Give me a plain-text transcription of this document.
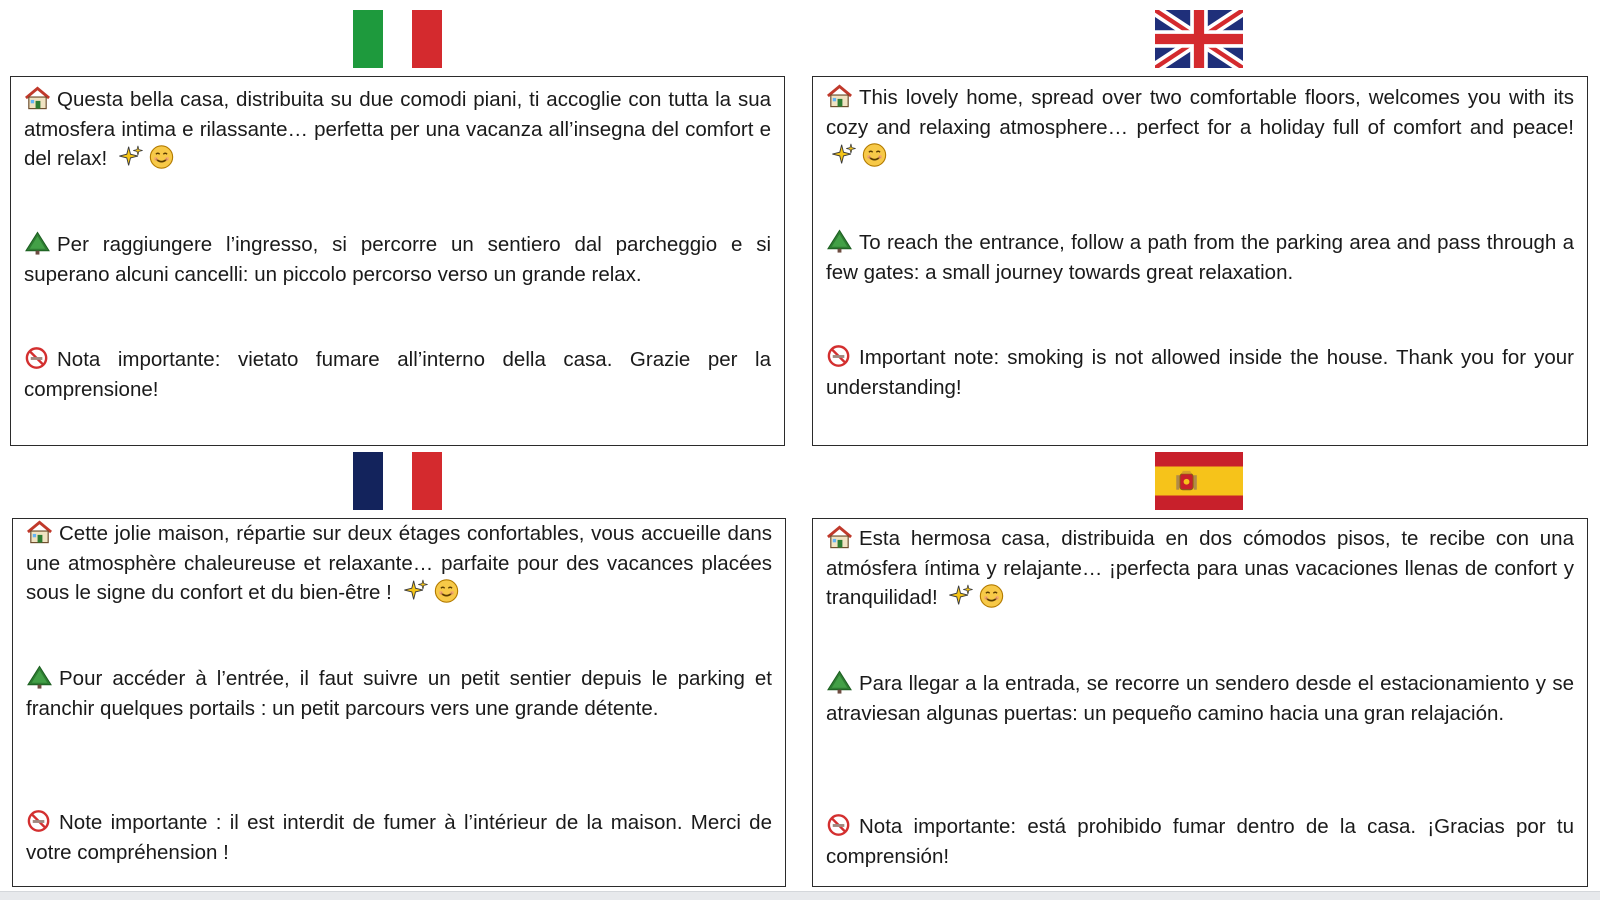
Questa bella casa, distribuita su due comodi piani, ti accoglie con tutta la sua atmosfera intima e rilassante… perfetta per una vacanza all’insegna del comfort e del relax!

Per raggiungere l’ingresso, si percorre un sentiero dal parcheggio e si superano alcuni cancelli: un piccolo percorso verso un grande relax.

Nota importante: vietato fumare all’interno della casa. Grazie per la comprensione!

This lovely home, spread over two comfortable floors, welcomes you with its cozy and relaxing atmosphere… perfect for a holiday full of comfort and peace!

To reach the entrance, follow a path from the parking area and pass through a few gates: a small journey towards great relaxation.

Important note: smoking is not allowed inside the house. Thank you for your understanding!

Cette jolie maison, répartie sur deux étages confortables, vous accueille dans une atmosphère chaleureuse et relaxante… parfaite pour des vacances placées sous le signe du confort et du bien-être !

Pour accéder à l’entrée, il faut suivre un petit sentier depuis le parking et franchir quelques portails : un petit parcours vers une grande détente.

Note importante : il est interdit de fumer à l’intérieur de la maison. Merci de votre compréhension !

Esta hermosa casa, distribuida en dos cómodos pisos, te recibe con una atmósfera íntima y relajante… ¡perfecta para unas vacaciones llenas de confort y tranquilidad!

Para llegar a la entrada, se recorre un sendero desde el estacionamiento y se atraviesan algunas puertas: un pequeño camino hacia una gran relajación.

Nota importante: está prohibido fumar dentro de la casa. ¡Gracias por tu comprensión!
